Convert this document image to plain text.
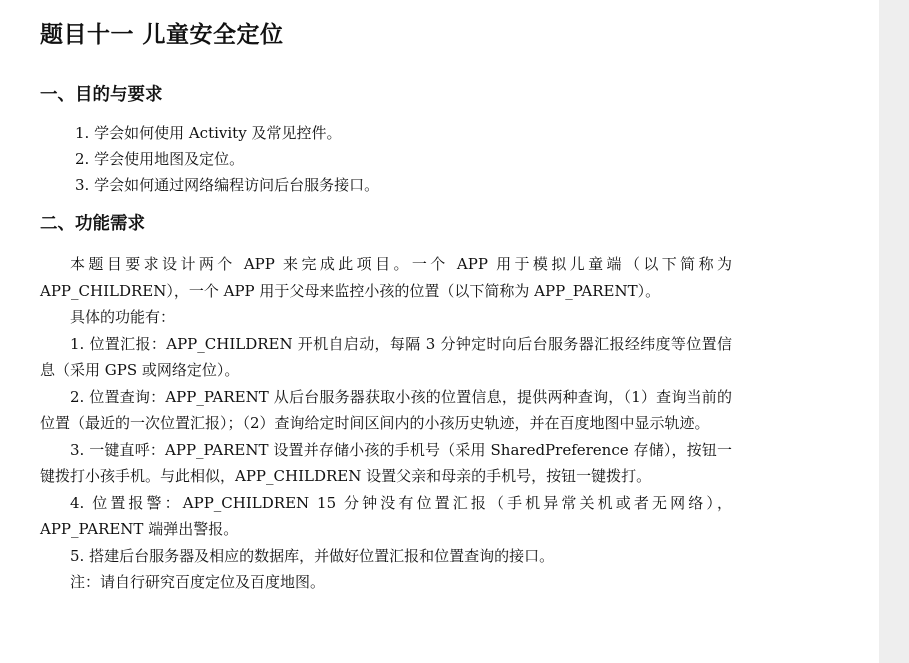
题目十一 儿童安全定位
一、目的与要求
1. 学会如何使用 Activity 及常见控件。
2. 学会使用地图及定位。
3. 学会如何通过网络编程访问后台服务接口。
二、功能需求

本题目要求设计两个 APP 来完成此项目。一个 APP 用于模拟儿童端（以下简称为 APP_CHILDREN），一个 APP 用于父母来监控小孩的位置（以下简称为 APP_PARENT）。

具体的功能有：

1. 位置汇报：APP_CHILDREN 开机自启动，每隔 3 分钟定时向后台服务器汇报经纬度等位置信息（采用 GPS 或网络定位）。

2. 位置查询：APP_PARENT 从后台服务器获取小孩的位置信息，提供两种查询，（1）查询当前的位置（最近的一次位置汇报）；（2）查询给定时间区间内的小孩历史轨迹，并在百度地图中显示轨迹。

3. 一键直呼：APP_PARENT 设置并存储小孩的手机号（采用 SharedPreference 存储），按钮一键拨打小孩手机。与此相似，APP_CHILDREN 设置父亲和母亲的手机号，按钮一键拨打。

4. 位置报警：APP_CHILDREN 15 分钟没有位置汇报（手机异常关机或者无网络），APP_PARENT 端弹出警报。

5. 搭建后台服务器及相应的数据库，并做好位置汇报和位置查询的接口。

注：请自行研究百度定位及百度地图。
